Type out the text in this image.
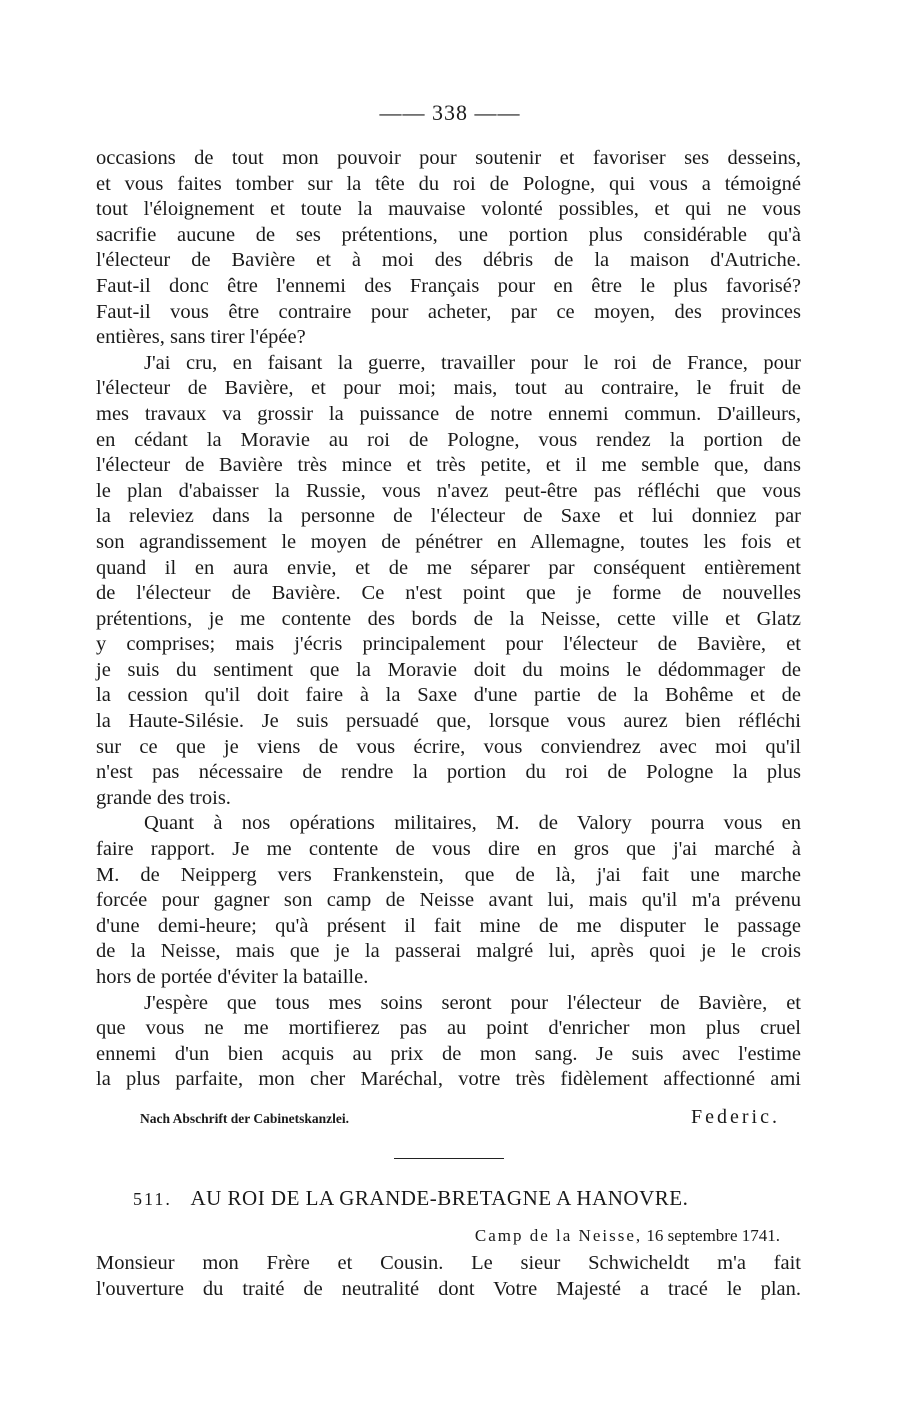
—— 338 ——
occasions de tout mon pouvoir pour soutenir et favoriser ses desseins,
et vous faites tomber sur la tête du roi de Pologne, qui vous a témoigné
tout l'éloignement et toute la mauvaise volonté possibles, et qui ne vous
sacrifie aucune de ses prétentions, une portion plus considérable qu'à
l'électeur de Bavière et à moi des débris de la maison d'Autriche.
Faut-il donc être l'ennemi des Français pour en être le plus favorisé?
Faut-il vous être contraire pour acheter, par ce moyen, des provinces
entières, sans tirer l'épée?
J'ai cru, en faisant la guerre, travailler pour le roi de France, pour
l'électeur de Bavière, et pour moi; mais, tout au contraire, le fruit de
mes travaux va grossir la puissance de notre ennemi commun. D'ailleurs,
en cédant la Moravie au roi de Pologne, vous rendez la portion de
l'électeur de Bavière très mince et très petite, et il me semble que, dans
le plan d'abaisser la Russie, vous n'avez peut-être pas réfléchi que vous
la releviez dans la personne de l'électeur de Saxe et lui donniez par
son agrandissement le moyen de pénétrer en Allemagne, toutes les fois et
quand il en aura envie, et de me séparer par conséquent entièrement
de l'électeur de Bavière. Ce n'est point que je forme de nouvelles
prétentions, je me contente des bords de la Neisse, cette ville et Glatz
y comprises; mais j'écris principalement pour l'électeur de Bavière, et
je suis du sentiment que la Moravie doit du moins le dédommager de
la cession qu'il doit faire à la Saxe d'une partie de la Bohême et de
la Haute-Silésie. Je suis persuadé que, lorsque vous aurez bien réfléchi
sur ce que je viens de vous écrire, vous conviendrez avec moi qu'il
n'est pas nécessaire de rendre la portion du roi de Pologne la plus
grande des trois.
Quant à nos opérations militaires, M. de Valory pourra vous en
faire rapport. Je me contente de vous dire en gros que j'ai marché à
M. de Neipperg vers Frankenstein, que de là, j'ai fait une marche
forcée pour gagner son camp de Neisse avant lui, mais qu'il m'a prévenu
d'une demi-heure; qu'à présent il fait mine de me disputer le passage
de la Neisse, mais que je la passerai malgré lui, après quoi je le crois
hors de portée d'éviter la bataille.
J'espère que tous mes soins seront pour l'électeur de Bavière, et
que vous ne me mortifierez pas au point d'enricher mon plus cruel
ennemi d'un bien acquis au prix de mon sang. Je suis avec l'estime
la plus parfaite, mon cher Maréchal, votre très fidèlement affectionné ami
Nach Abschrift der Cabinetskanzlei.	Federic.
511. AU ROI DE LA GRANDE-BRETAGNE A HANOVRE.
Camp de la Neisse, 16 septembre 1741.
Monsieur mon Frère et Cousin. Le sieur Schwicheldt m'a fait
l'ouverture du traité de neutralité dont Votre Majesté a tracé le plan.
